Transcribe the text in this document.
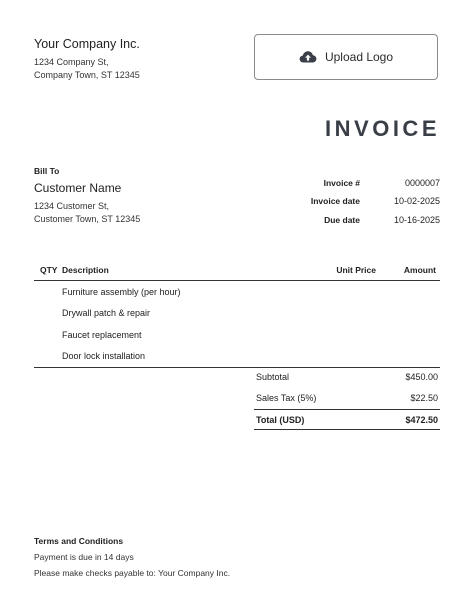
Your Company Inc.
1234 Company St,
Company Town, ST 12345
Upload Logo
INVOICE
Bill To
Customer Name
1234 Customer St,
Customer Town, ST 12345
Invoice #	0000007
Invoice date	10-02-2025
Due date	10-16-2025
QTY Description	Unit Price	Amount
Furniture assembly (per hour)
Drywall patch & repair
Faucet replacement
Door lock installation
Subtotal	$450.00
Sales Tax (5%)	$22.50
Total (USD)	$472.50
Terms and Conditions
Payment is due in 14 days
Please make checks payable to: Your Company Inc.
